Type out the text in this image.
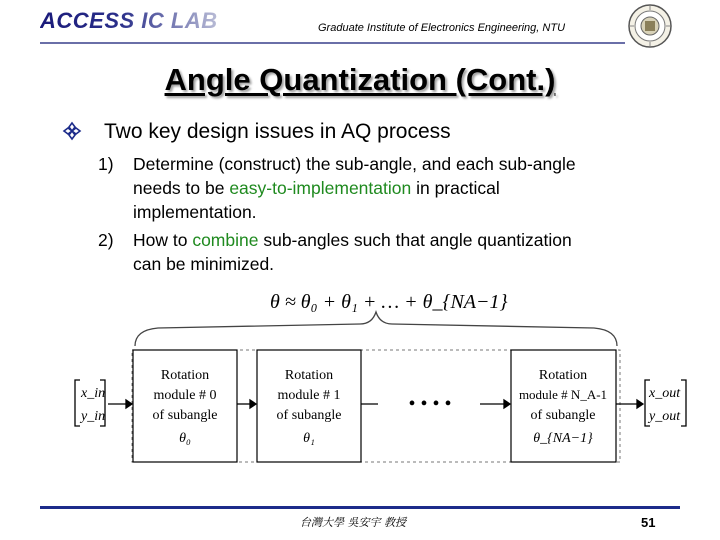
ACCESS IC LAB	Graduate Institute of Electronics Engineering, NTU
Angle Quantization (Cont.)
Two key design issues in AQ process
1) Determine (construct) the sub-angle, and each sub-angle
needs to be easy-to-implementation in practical
implementation.
2) How to combine sub-angles such that angle quantization
can be minimized.
θ ≈ θ₀ + θ₁ + … + θ_{NA−1}
x_in
y_in
Rotation
module # 0
of subangle
θ₀
Rotation
module # 1
of subangle
θ₁
Rotation
module # N_A-1
of subangle
θ_{NA−1}
• • • •	x_out
y_out
台灣大學 吳安宇 教授	51
